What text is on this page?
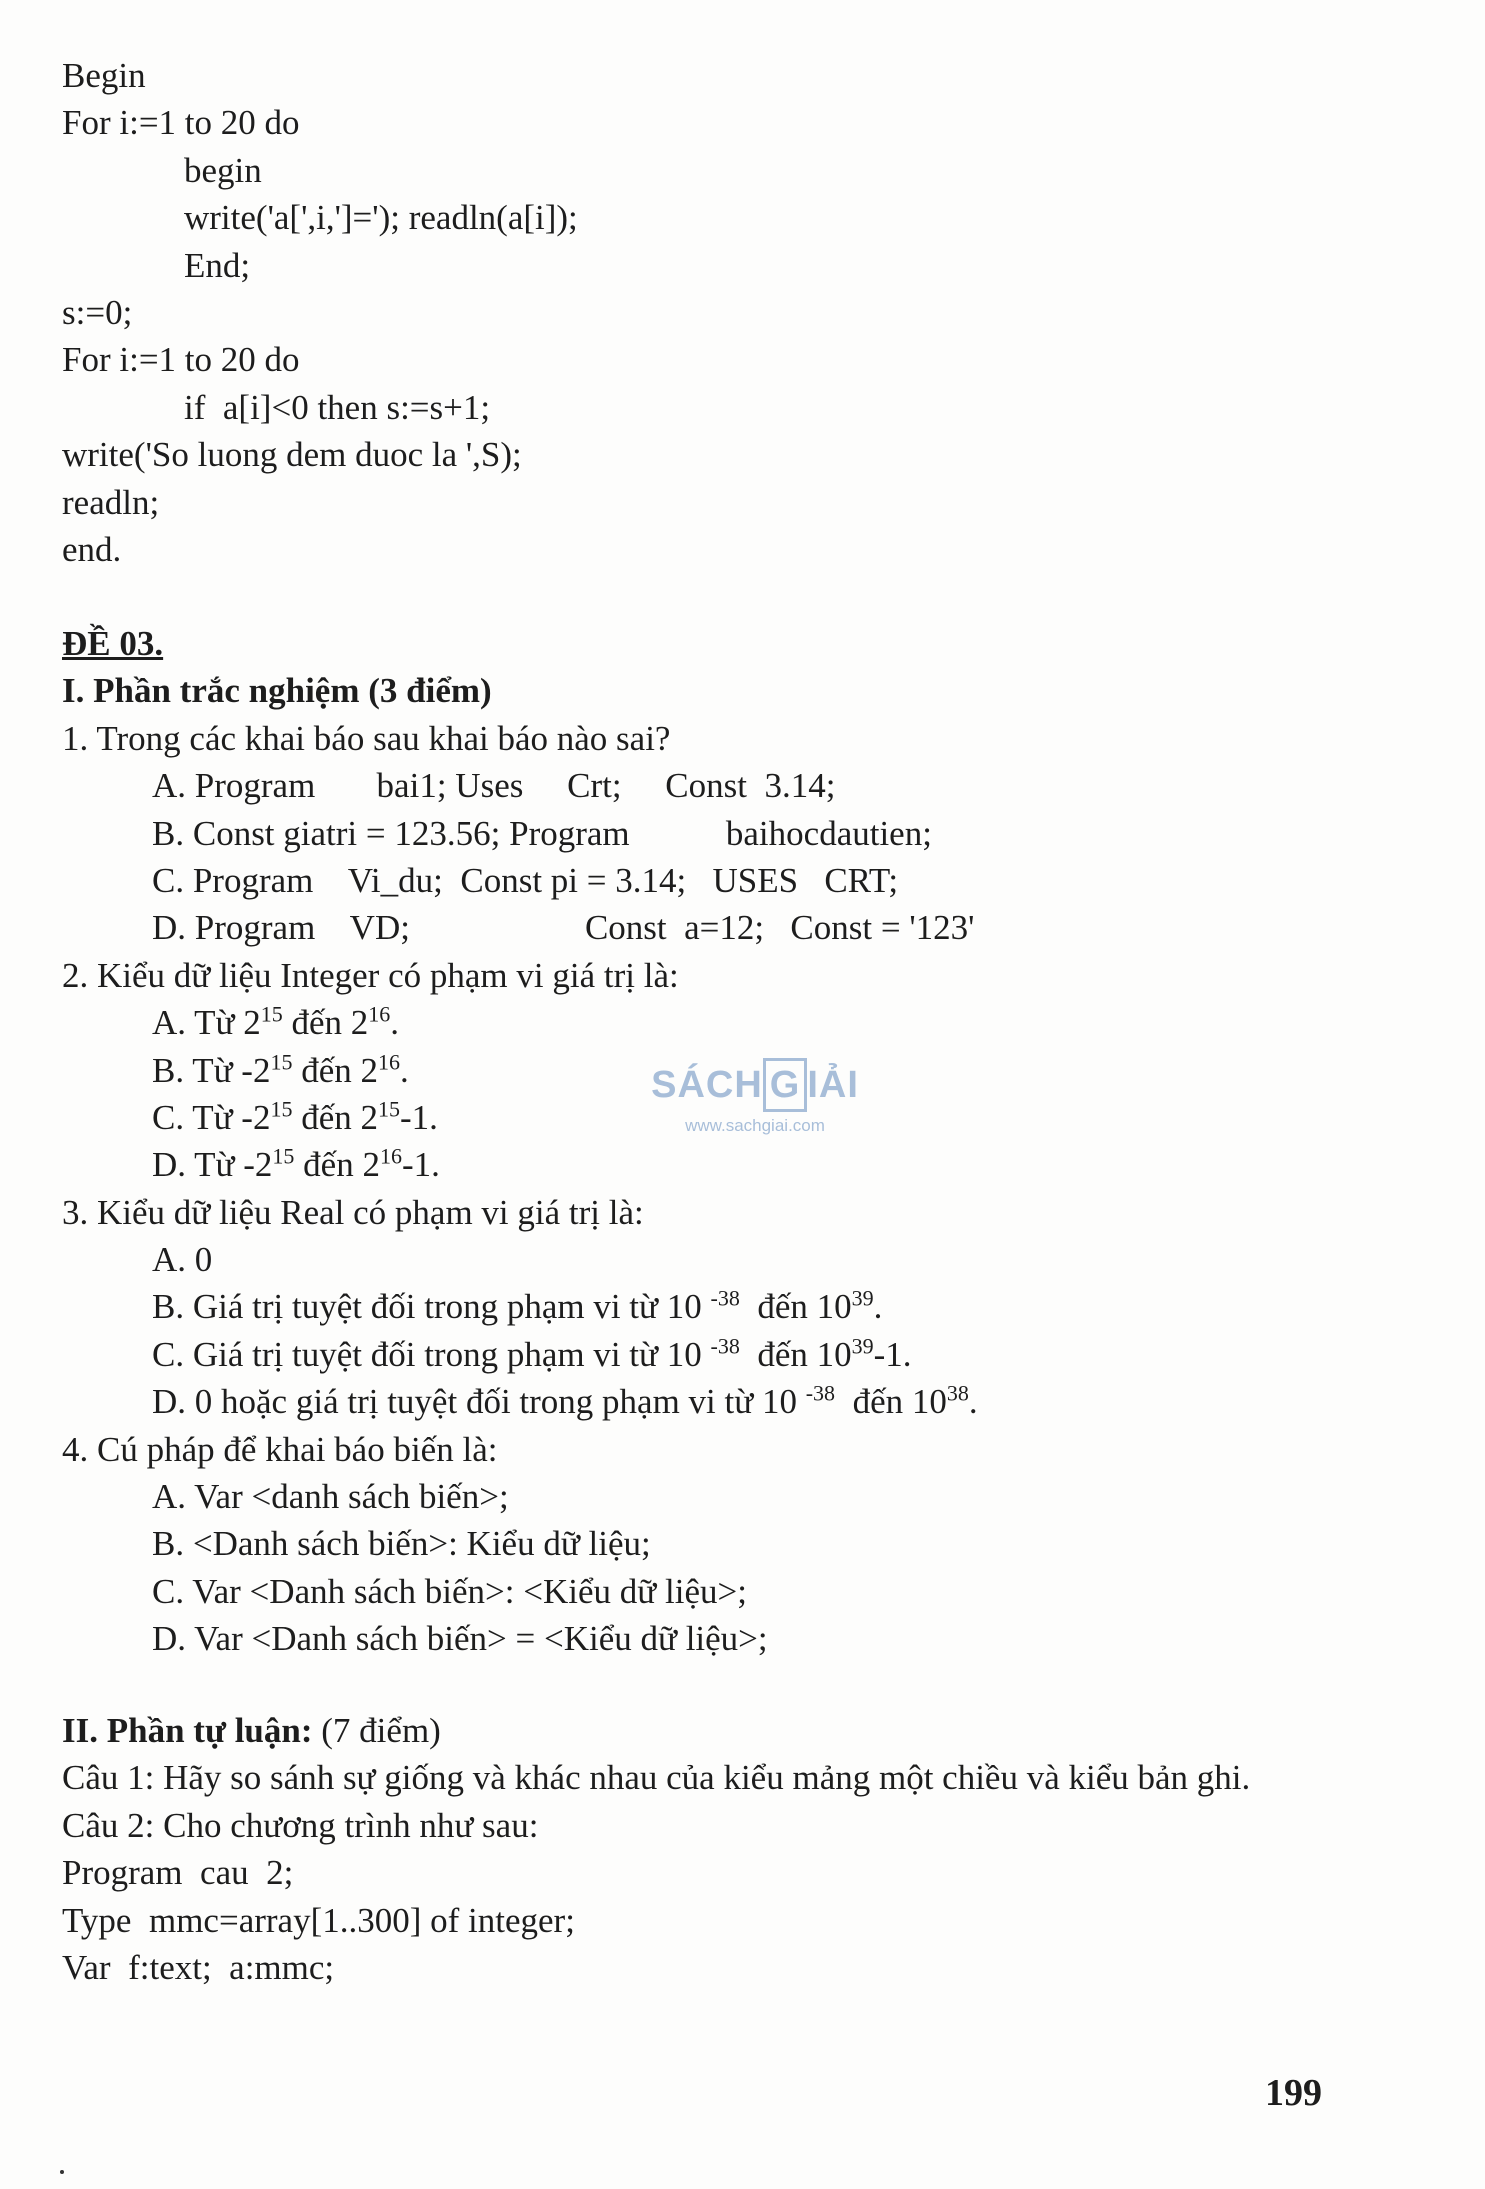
Begin
For i:=1 to 20 do
begin
write('a[',i,']='); readln(a[i]);
End;
s:=0;
For i:=1 to 20 do
if  a[i]<0 then s:=s+1;
write('So luong dem duoc la ',S);
readln;
end.
ĐỀ 03.
I. Phần trắc nghiệm (3 điểm)
1. Trong các khai báo sau khai báo nào sai?
A. Program       bai1; Uses     Crt;     Const  3.14;
B. Const giatri = 123.56; Program           baihocdautien;
C. Program    Vi_du;  Const pi = 3.14;   USES   CRT;
D. Program    VD;                    Const  a=12;   Const = '123'
2. Kiểu dữ liệu Integer có phạm vi giá trị là:
A. Từ $2^{15}$ đến $2^{16}$.
B. Từ $-2^{15}$ đến $2^{16}$.
C. Từ $-2^{15}$ đến $2^{15}-1$.
D. Từ $-2^{15}$ đến $2^{16}-1$.
3. Kiểu dữ liệu Real có phạm vi giá trị là:
A. 0
B. Giá trị tuyệt đối trong phạm vi từ 10 $^{-38}$  đến $10^{39}$.
C. Giá trị tuyệt đối trong phạm vi từ 10 $^{-38}$  đến $10^{39}-1$.
D. 0 hoặc giá trị tuyệt đối trong phạm vi từ 10 $^{-38}$  đến $10^{38}$.
4. Cú pháp để khai báo biến là:
A. Var <danh sách biến>;
B. <Danh sách biến>: Kiểu dữ liệu;
C. Var <Danh sách biến>: <Kiểu dữ liệu>;
D. Var <Danh sách biến> = <Kiểu dữ liệu>;
II. Phần tự luận: (7 điểm)
Câu 1: Hãy so sánh sự giống và khác nhau của kiểu mảng một chiều và kiểu bản ghi.
Câu 2: Cho chương trình như sau:
Program  cau  2;
Type  mmc=array[1..300] of integer;
Var  f:text;  a:mmc;
SÁCH G IẢI
www.sachgiai.com
199
